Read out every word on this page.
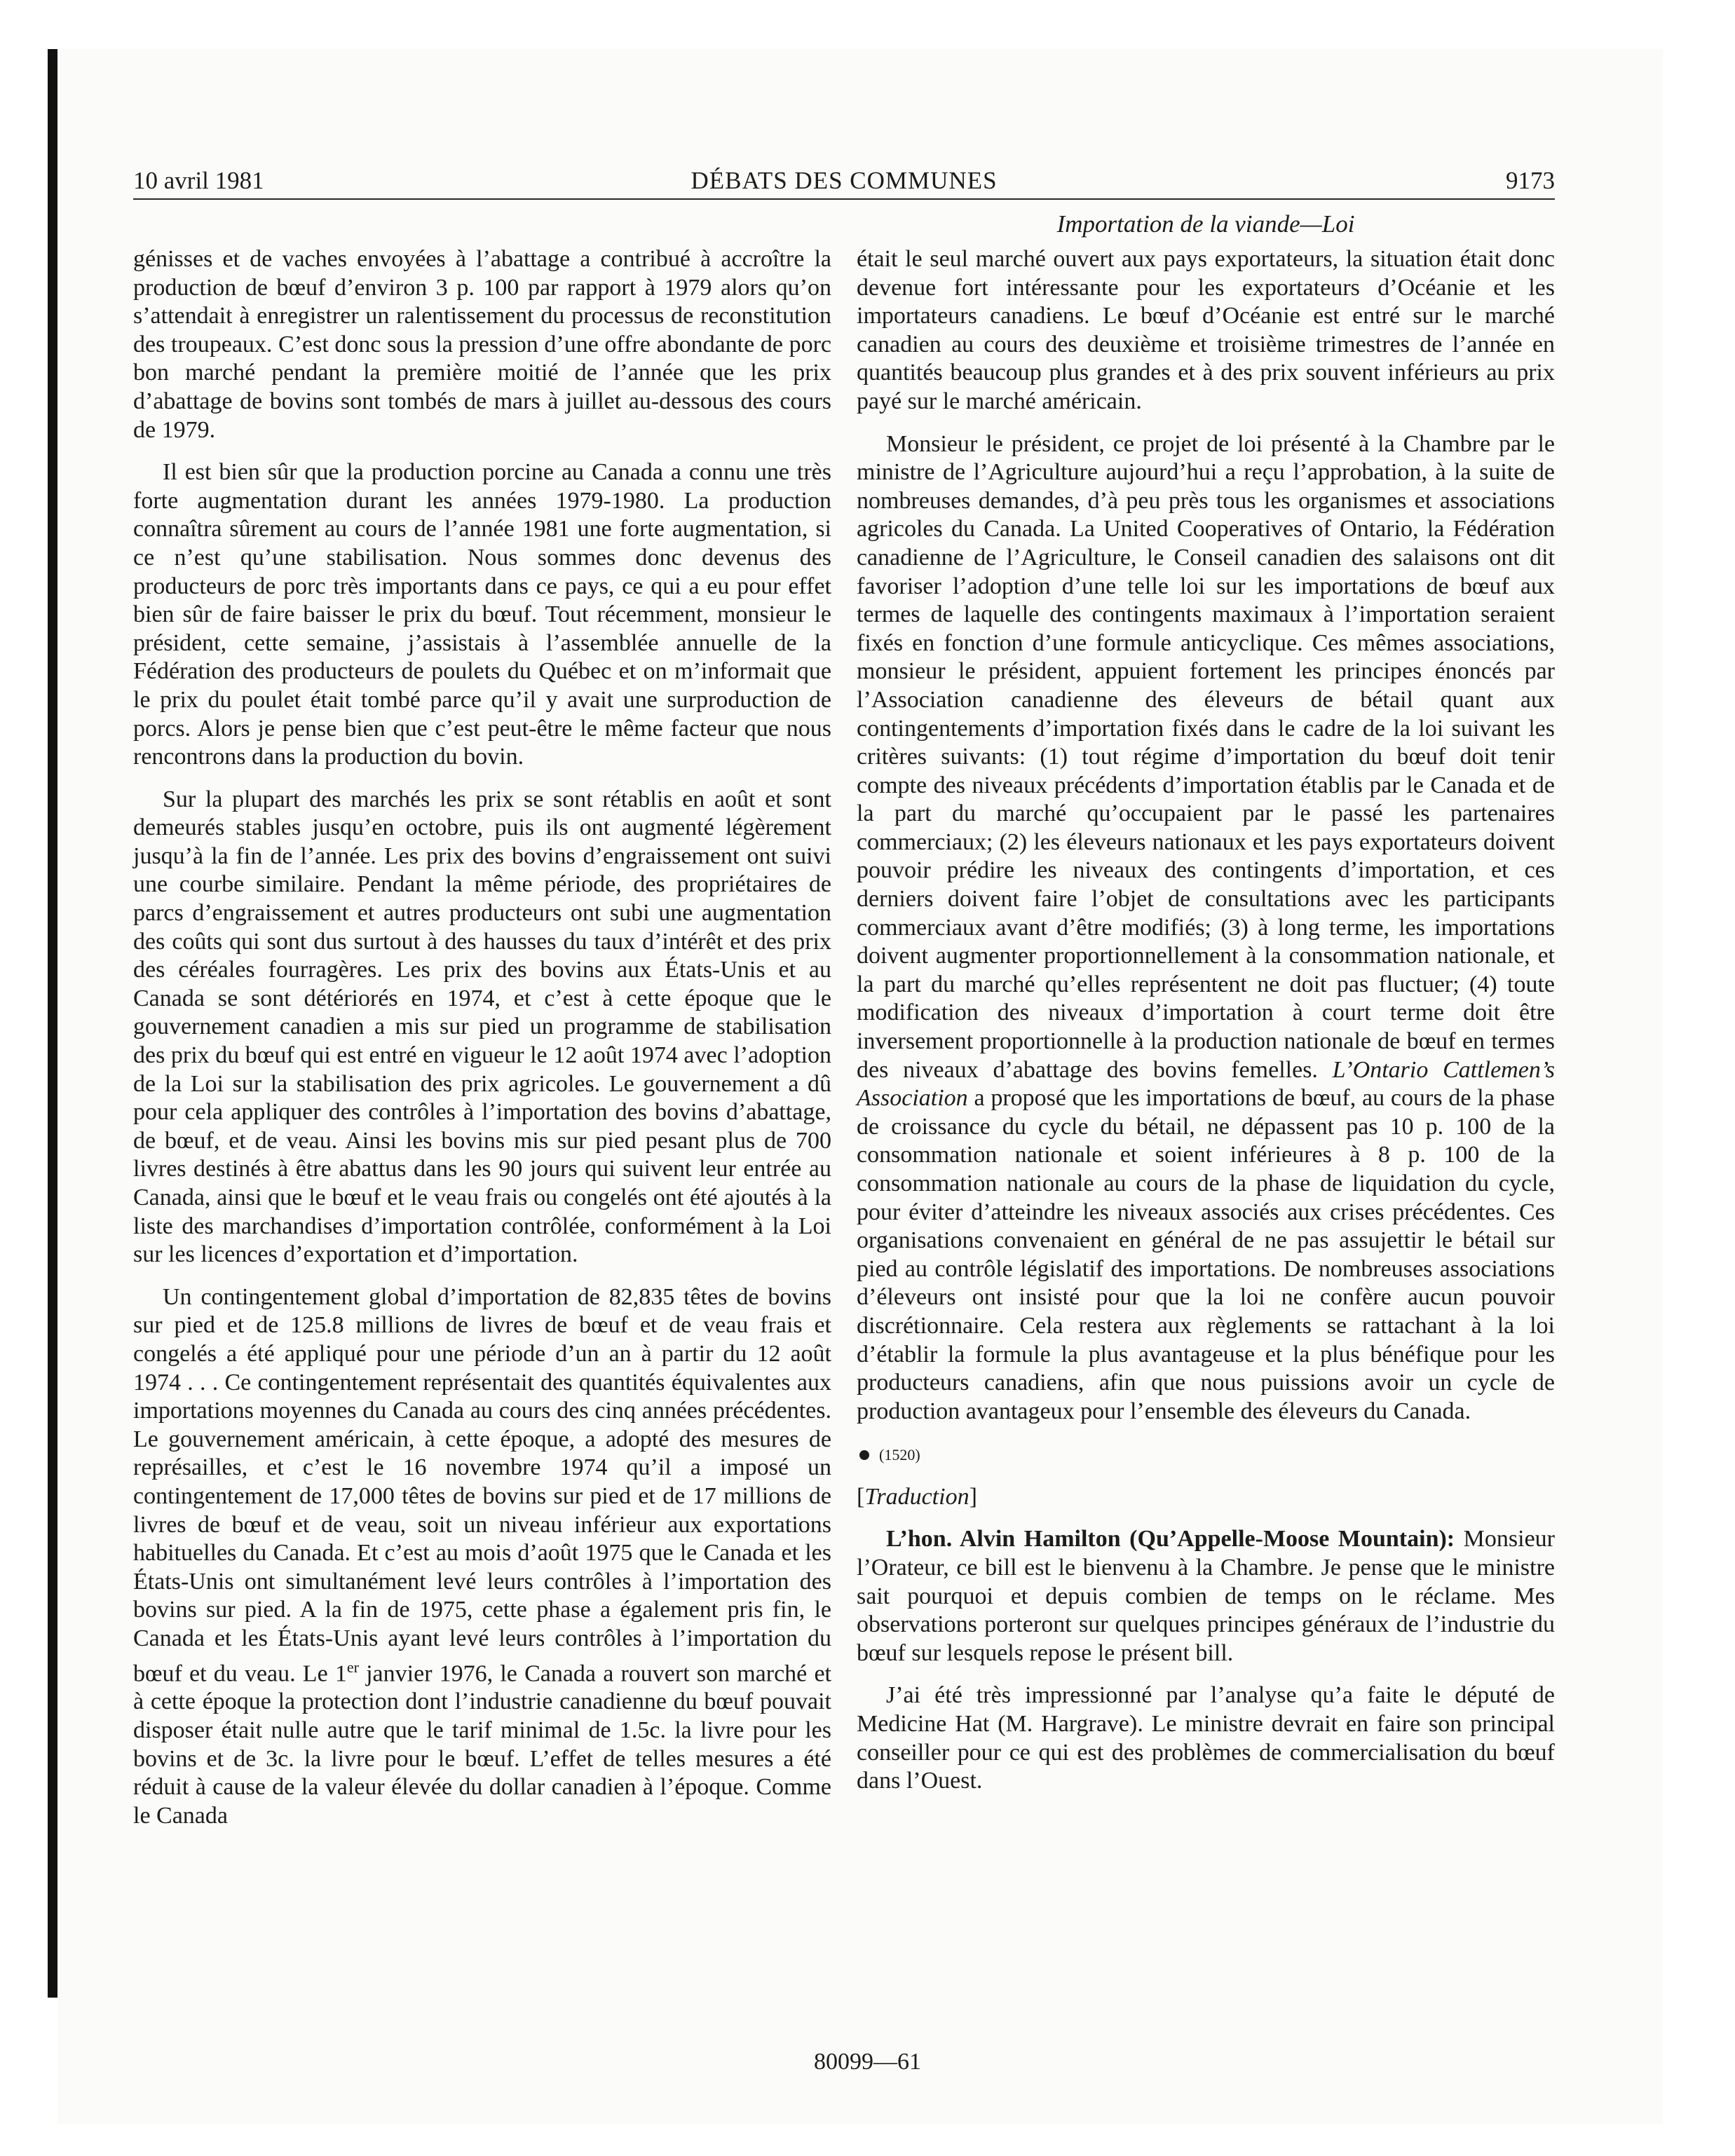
10 avril 1981	DÉBATS DES COMMUNES	9173
Importation de la viande—Loi

génisses et de vaches envoyées à l’abattage a contribué à accroître la production de bœuf d’environ 3 p. 100 par rapport à 1979 alors qu’on s’attendait à enregistrer un ralentissement du processus de reconstitution des troupeaux. C’est donc sous la pression d’une offre abondante de porc bon marché pendant la première moitié de l’année que les prix d’abattage de bovins sont tombés de mars à juillet au-dessous des cours de 1979.

Il est bien sûr que la production porcine au Canada a connu une très forte augmentation durant les années 1979-1980. La production connaîtra sûrement au cours de l’année 1981 une forte augmentation, si ce n’est qu’une stabilisation. Nous sommes donc devenus des producteurs de porc très importants dans ce pays, ce qui a eu pour effet bien sûr de faire baisser le prix du bœuf. Tout récemment, monsieur le président, cette semaine, j’assistais à l’assemblée annuelle de la Fédération des producteurs de poulets du Québec et on m’informait que le prix du poulet était tombé parce qu’il y avait une surproduction de porcs. Alors je pense bien que c’est peut-être le même facteur que nous rencontrons dans la production du bovin.

Sur la plupart des marchés les prix se sont rétablis en août et sont demeurés stables jusqu’en octobre, puis ils ont augmenté légèrement jusqu’à la fin de l’année. Les prix des bovins d’engraissement ont suivi une courbe similaire. Pendant la même période, des propriétaires de parcs d’engraissement et autres producteurs ont subi une augmentation des coûts qui sont dus surtout à des hausses du taux d’intérêt et des prix des céréales fourragères. Les prix des bovins aux États-Unis et au Canada se sont détériorés en 1974, et c’est à cette époque que le gouvernement canadien a mis sur pied un programme de stabilisation des prix du bœuf qui est entré en vigueur le 12 août 1974 avec l’adoption de la Loi sur la stabilisation des prix agricoles. Le gouvernement a dû pour cela appliquer des contrôles à l’importation des bovins d’abattage, de bœuf, et de veau. Ainsi les bovins mis sur pied pesant plus de 700 livres destinés à être abattus dans les 90 jours qui suivent leur entrée au Canada, ainsi que le bœuf et le veau frais ou congelés ont été ajoutés à la liste des marchandises d’importation contrôlée, conformément à la Loi sur les licences d’exportation et d’importation.

Un contingentement global d’importation de 82,835 têtes de bovins sur pied et de 125.8 millions de livres de bœuf et de veau frais et congelés a été appliqué pour une période d’un an à partir du 12 août 1974 . . . Ce contingentement représentait des quantités équivalentes aux importations moyennes du Canada au cours des cinq années précédentes. Le gouvernement américain, à cette époque, a adopté des mesures de représailles, et c’est le 16 novembre 1974 qu’il a imposé un contingentement de 17,000 têtes de bovins sur pied et de 17 millions de livres de bœuf et de veau, soit un niveau inférieur aux exportations habituelles du Canada. Et c’est au mois d’août 1975 que le Canada et les États-Unis ont simultanément levé leurs contrôles à l’importation des bovins sur pied. A la fin de 1975, cette phase a également pris fin, le Canada et les États-Unis ayant levé leurs contrôles à l’importation du bœuf et du veau. Le 1er janvier 1976, le Canada a rouvert son marché et à cette époque la protection dont l’industrie canadienne du bœuf pouvait disposer était nulle autre que le tarif minimal de 1.5c. la livre pour les bovins et de 3c. la livre pour le bœuf. L’effet de telles mesures a été réduit à cause de la valeur élevée du dollar canadien à l’époque. Comme le Canada

était le seul marché ouvert aux pays exportateurs, la situation était donc devenue fort intéressante pour les exportateurs d’Océanie et les importateurs canadiens. Le bœuf d’Océanie est entré sur le marché canadien au cours des deuxième et troisième trimestres de l’année en quantités beaucoup plus grandes et à des prix souvent inférieurs au prix payé sur le marché américain.

Monsieur le président, ce projet de loi présenté à la Chambre par le ministre de l’Agriculture aujourd’hui a reçu l’approbation, à la suite de nombreuses demandes, d’à peu près tous les organismes et associations agricoles du Canada. La United Cooperatives of Ontario, la Fédération canadienne de l’Agriculture, le Conseil canadien des salaisons ont dit favoriser l’adoption d’une telle loi sur les importations de bœuf aux termes de laquelle des contingents maximaux à l’importation seraient fixés en fonction d’une formule anticyclique. Ces mêmes associations, monsieur le président, appuient fortement les principes énoncés par l’Association canadienne des éleveurs de bétail quant aux contingentements d’importation fixés dans le cadre de la loi suivant les critères suivants: (1) tout régime d’importation du bœuf doit tenir compte des niveaux précédents d’importation établis par le Canada et de la part du marché qu’occupaient par le passé les partenaires commerciaux; (2) les éleveurs nationaux et les pays exportateurs doivent pouvoir prédire les niveaux des contingents d’importation, et ces derniers doivent faire l’objet de consultations avec les participants commerciaux avant d’être modifiés; (3) à long terme, les importations doivent augmenter proportionnellement à la consommation nationale, et la part du marché qu’elles représentent ne doit pas fluctuer; (4) toute modification des niveaux d’importation à court terme doit être inversement proportionnelle à la production nationale de bœuf en termes des niveaux d’abattage des bovins femelles. L’Ontario Cattlemen’s Association a proposé que les importations de bœuf, au cours de la phase de croissance du cycle du bétail, ne dépassent pas 10 p. 100 de la consommation nationale et soient inférieures à 8 p. 100 de la consommation nationale au cours de la phase de liquidation du cycle, pour éviter d’atteindre les niveaux associés aux crises précédentes. Ces organisations convenaient en général de ne pas assujettir le bétail sur pied au contrôle législatif des importations. De nombreuses associations d’éleveurs ont insisté pour que la loi ne confère aucun pouvoir discrétionnaire. Cela restera aux règlements se rattachant à la loi d’établir la formule la plus avantageuse et la plus bénéfique pour les producteurs canadiens, afin que nous puissions avoir un cycle de production avantageux pour l’ensemble des éleveurs du Canada.

(1520)
[Traduction]

L’hon. Alvin Hamilton (Qu’Appelle-Moose Mountain): Monsieur l’Orateur, ce bill est le bienvenu à la Chambre. Je pense que le ministre sait pourquoi et depuis combien de temps on le réclame. Mes observations porteront sur quelques principes généraux de l’industrie du bœuf sur lesquels repose le présent bill.

J’ai été très impressionné par l’analyse qu’a faite le député de Medicine Hat (M. Hargrave). Le ministre devrait en faire son principal conseiller pour ce qui est des problèmes de commercialisation du bœuf dans l’Ouest.

80099—61
